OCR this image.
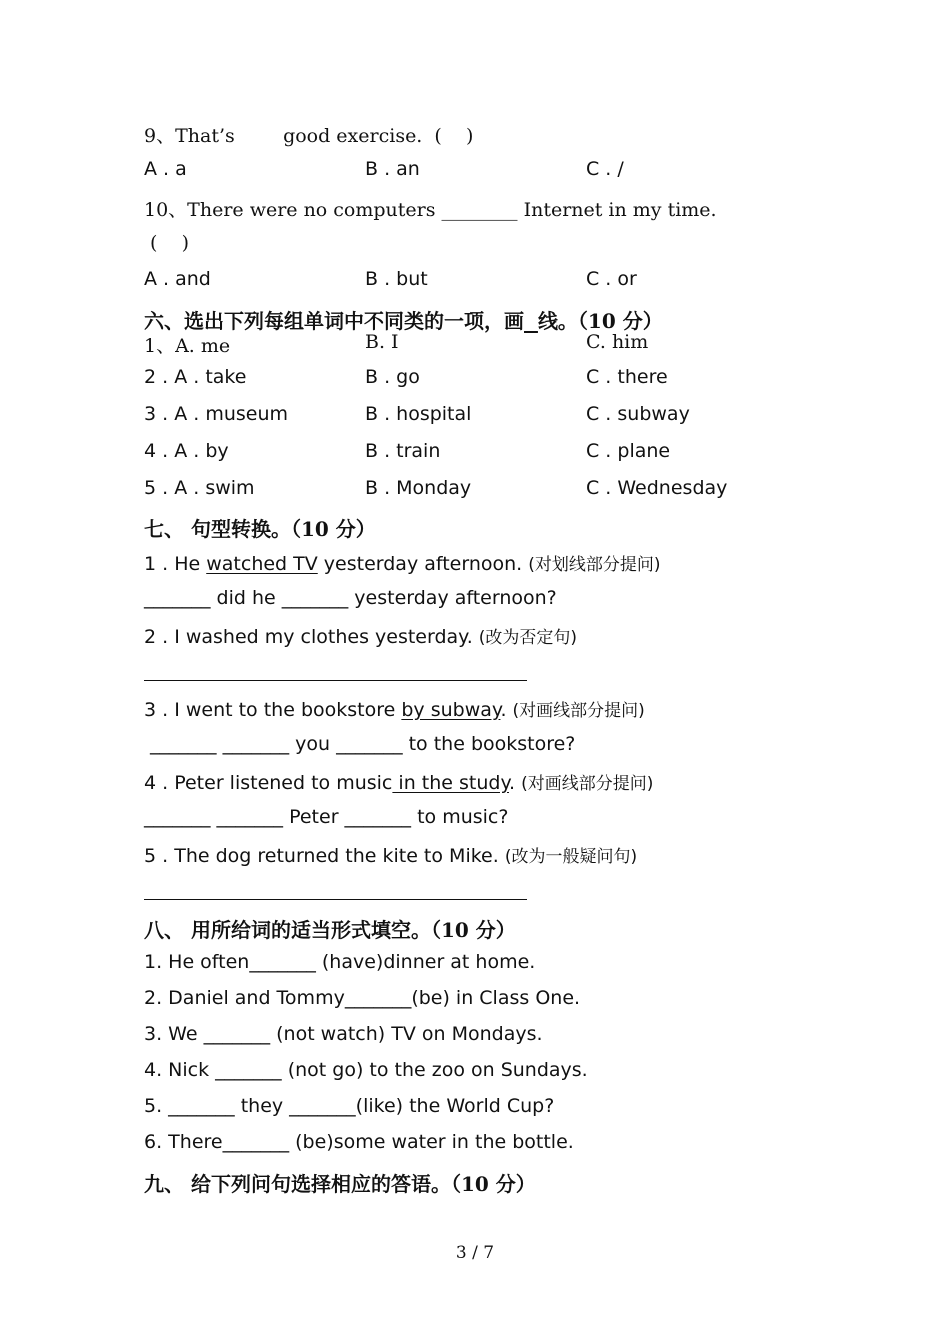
9、That’s        good exercise.  (    )
A . a	B . an	C . /
10、There were no computers ________ Internet in my time.
(    )
A . and	B . but	C . or
六、选出下列每组单词中不同类的一项，画 线。（10 分）
1、A. me	B. I	C. him
2 . A . take	B . go	C . there
3 . A . museum	B . hospital	C . subway
4 . A . by	B . train	C . plane
5 . A . swim	B . Monday	C . Wednesday
七、 句型转换。（10 分）
1 . He watched TV yesterday afternoon. (对划线部分提问)
_______ did he _______ yesterday afternoon?
2 . I washed my clothes yesterday. (改为否定句)
3 . I went to the bookstore by subway. (对画线部分提问)
_______ _______ you _______ to the bookstore?
4 . Peter listened to music in the study. (对画线部分提问)
_______ _______ Peter _______ to music?
5 . The dog returned the kite to Mike. (改为一般疑问句)
八、 用所给词的适当形式填空。（10 分）
1. He often_______ (have)dinner at home.
2. Daniel and Tommy_______(be) in Class One.
3. We _______ (not watch) TV on Mondays.
4. Nick _______ (not go) to the zoo on Sundays.
5. _______ they _______(like) the World Cup?
6. There_______ (be)some water in the bottle.
九、 给下列问句选择相应的答语。（10 分）
3 / 7
